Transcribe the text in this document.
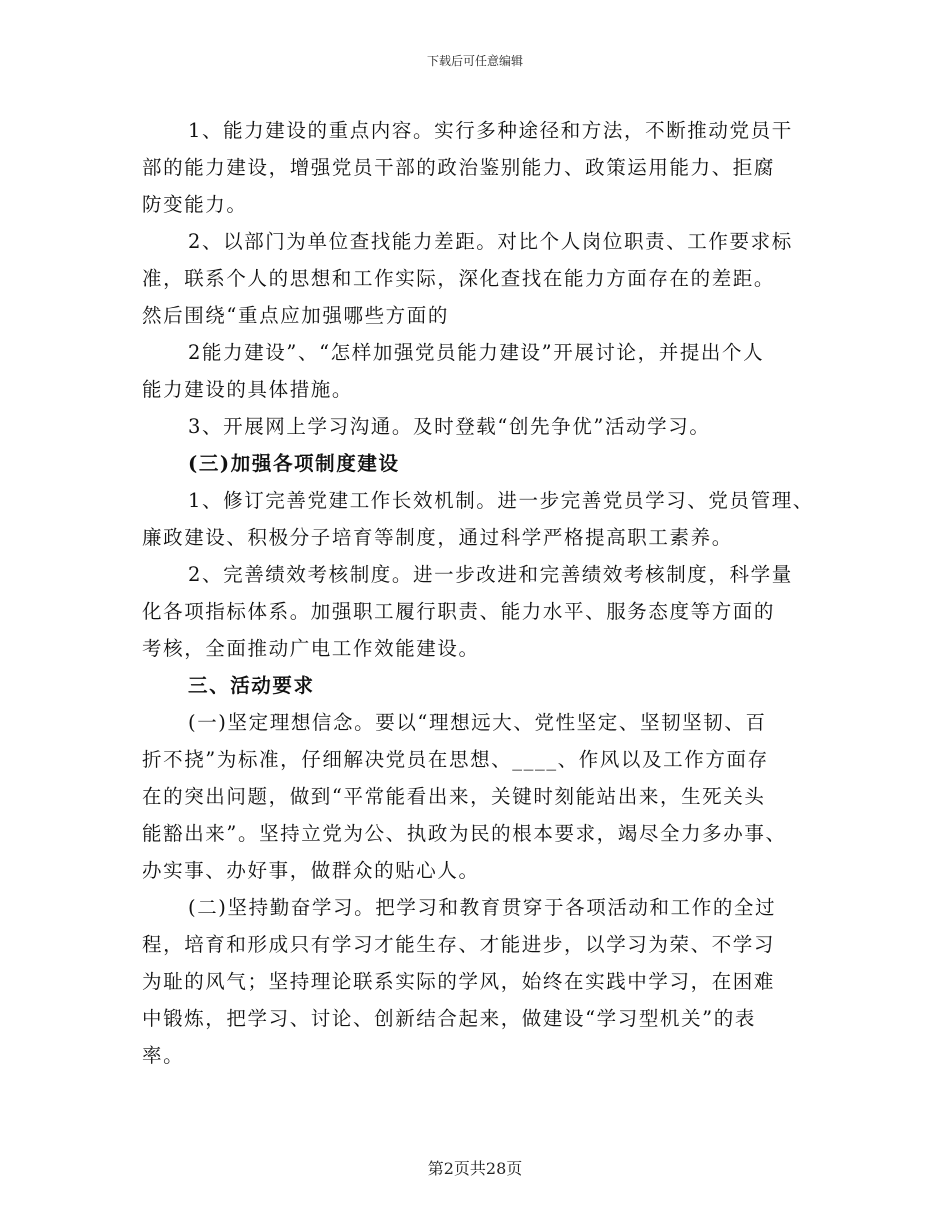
下载后可任意编辑
1、能力建设的重点内容。实行多种途径和方法，不断推动党员干
部的能力建设，增强党员干部的政治鉴别能力、政策运用能力、拒腐
防变能力。
2、以部门为单位查找能力差距。对比个人岗位职责、工作要求标
准，联系个人的思想和工作实际，深化查找在能力方面存在的差距。
然后围绕“重点应加强哪些方面的
2能力建设”、“怎样加强党员能力建设”开展讨论，并提出个人
能力建设的具体措施。
3、开展网上学习沟通。及时登载“创先争优”活动学习。
(三)加强各项制度建设
1、修订完善党建工作长效机制。进一步完善党员学习、党员管理、
廉政建设、积极分子培育等制度，通过科学严格提高职工素养。
2、完善绩效考核制度。进一步改进和完善绩效考核制度，科学量
化各项指标体系。加强职工履行职责、能力水平、服务态度等方面的
考核，全面推动广电工作效能建设。
三、活动要求
(一)坚定理想信念。要以“理想远大、党性坚定、坚韧坚韧、百
折不挠”为标准，仔细解决党员在思想、____、作风以及工作方面存
在的突出问题，做到“平常能看出来，关键时刻能站出来，生死关头
能豁出来”。坚持立党为公、执政为民的根本要求，竭尽全力多办事、
办实事、办好事，做群众的贴心人。
(二)坚持勤奋学习。把学习和教育贯穿于各项活动和工作的全过
程，培育和形成只有学习才能生存、才能进步，以学习为荣、不学习
为耻的风气；坚持理论联系实际的学风，始终在实践中学习，在困难
中锻炼，把学习、讨论、创新结合起来，做建设“学习型机关”的表
率。
第2页共28页
